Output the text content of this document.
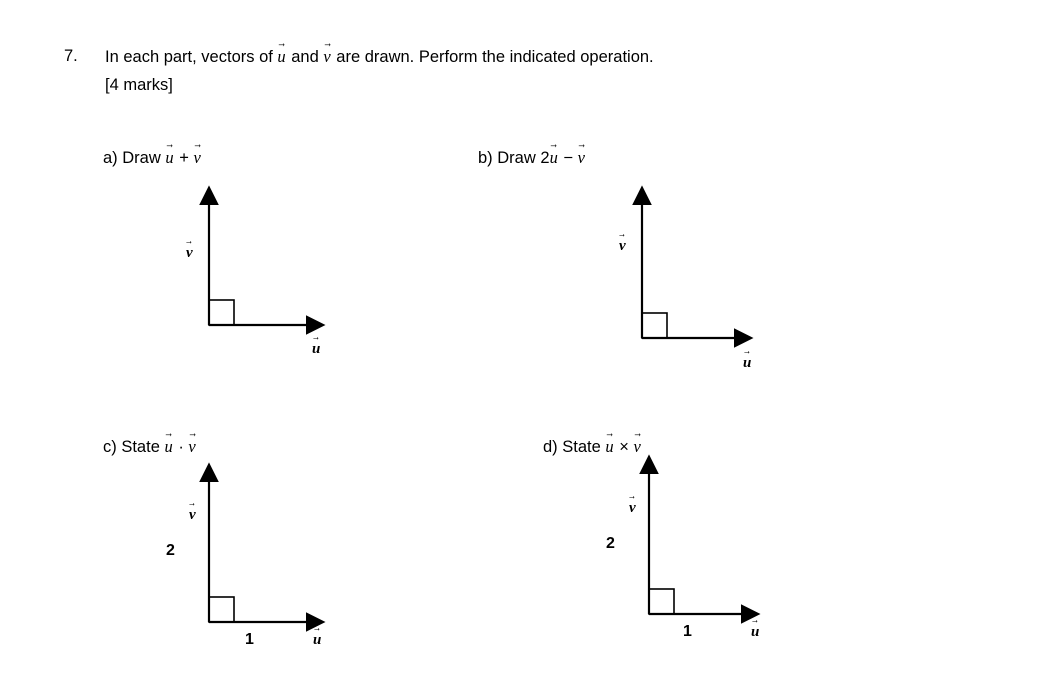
7. In each part, vectors of u → and v → are drawn. Perform the indicated operation.
[4 marks]
a) Draw u → + v →
v →
u →
b) Draw 2u → − v →
v →
u →
c) State u → · v →
v →
2
1	u →
d) State u → × v →
v →
2
1	u →
